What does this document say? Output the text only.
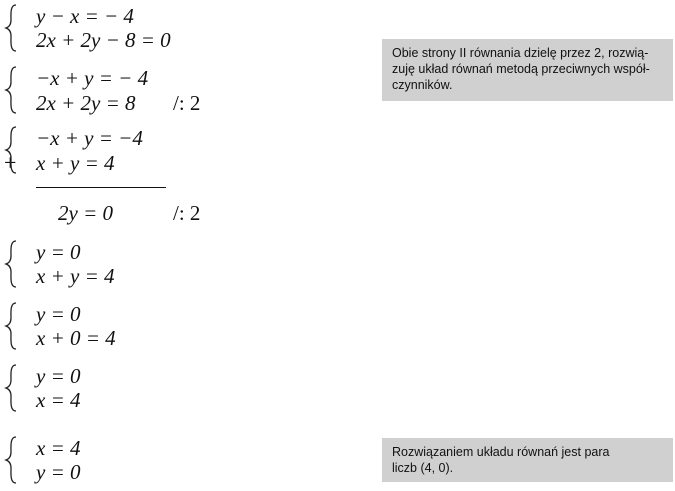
y − x = − 4
2x + 2y − 8 = 0
−x + y = − 4
2x + 2y = 8 /: 2
+
−x + y = −4
x + y = 4
2y = 0	/: 2
y = 0
x + y = 4
y = 0
x + 0 = 4
y = 0
x = 4
x = 4
y = 0
Obie strony II równania dzielę przez 2, rozwią-
zuję układ równań metodą przeciwnych współ-
czynników.
Rozwiązaniem układu równań jest para
liczb (4, 0).
